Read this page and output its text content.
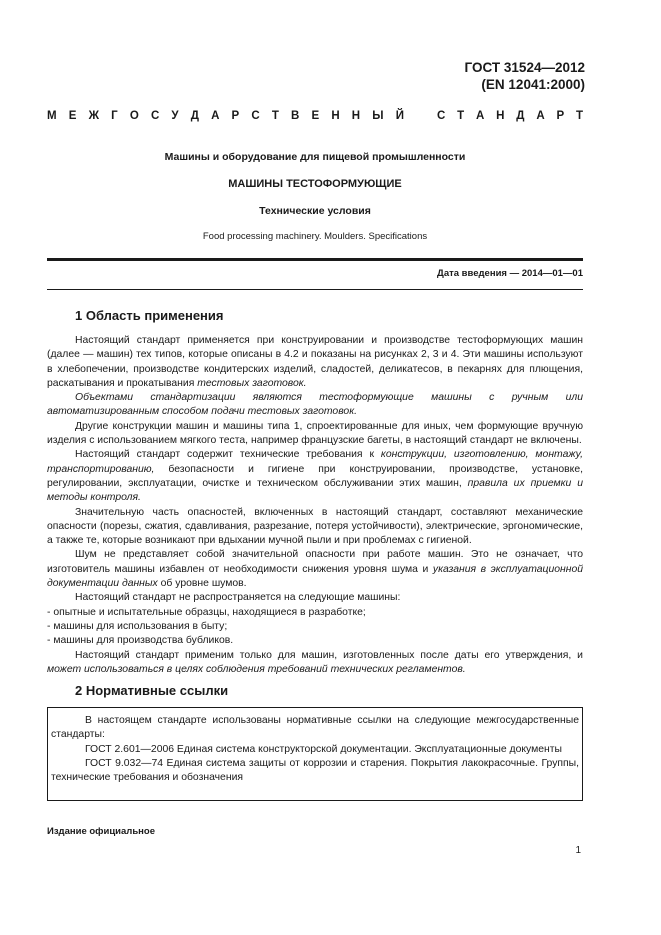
ГОСТ 31524—2012
(EN 12041:2000)
М Е Ж Г О С У Д А Р С Т В Е Н Н Ы Й	С Т А Н Д А Р Т
Машины и оборудование для пищевой промышленности
МАШИНЫ ТЕСТОФОРМУЮЩИЕ
Технические условия
Food processing machinery. Moulders. Specifications
Дата введения — 2014—01—01
1 Область применения

Настоящий стандарт применяется при конструировании и производстве тестоформующих машин (далее — машин) тех типов, которые описаны в 4.2 и показаны на рисунках 2, 3 и 4. Эти машины используют в хлебопечении, производстве кондитерских изделий, сладостей, деликатесов, в пекарнях для плющения, раскатывания и прокатывания тестовых заготовок.

Объектами стандартизации являются тестоформующие машины с ручным или автоматизированным способом подачи тестовых заготовок.

Другие конструкции машин и машины типа 1, спроектированные для иных, чем формующие вручную изделия с использованием мягкого теста, например французские багеты, в настоящий стандарт не включены.

Настоящий стандарт содержит технические требования к конструкции, изготовлению, монтажу, транспортированию, безопасности и гигиене при конструировании, производстве, установке, регулировании, эксплуатации, очистке и техническом обслуживании этих машин, правила их приемки и методы контроля.

Значительную часть опасностей, включенных в настоящий стандарт, составляют механические опасности (порезы, сжатия, сдавливания, разрезание, потеря устойчивости), электрические, эргономические, а также те, которые возникают при вдыхании мучной пыли и при проблемах с гигиеной.

Шум не представляет собой значительной опасности при работе машин. Это не означает, что изготовитель машины избавлен от необходимости снижения уровня шума и указания в эксплуатационной документации данных об уровне шумов.

Настоящий стандарт не распространяется на следующие машины:

- опытные и испытательные образцы, находящиеся в разработке;

- машины для использования в быту;

- машины для производства бубликов.

Настоящий стандарт применим только для машин, изготовленных после даты его утверждения, и может использоваться в целях соблюдения требований технических регламентов.

2 Нормативные ссылки

В настоящем стандарте использованы нормативные ссылки на следующие межгосударственные стандарты:

ГОСТ 2.601—2006 Единая система конструкторской документации. Эксплуатационные документы

ГОСТ 9.032—74 Единая система защиты от коррозии и старения. Покрытия лакокрасочные. Группы, технические требования и обозначения

Издание официальное
1
